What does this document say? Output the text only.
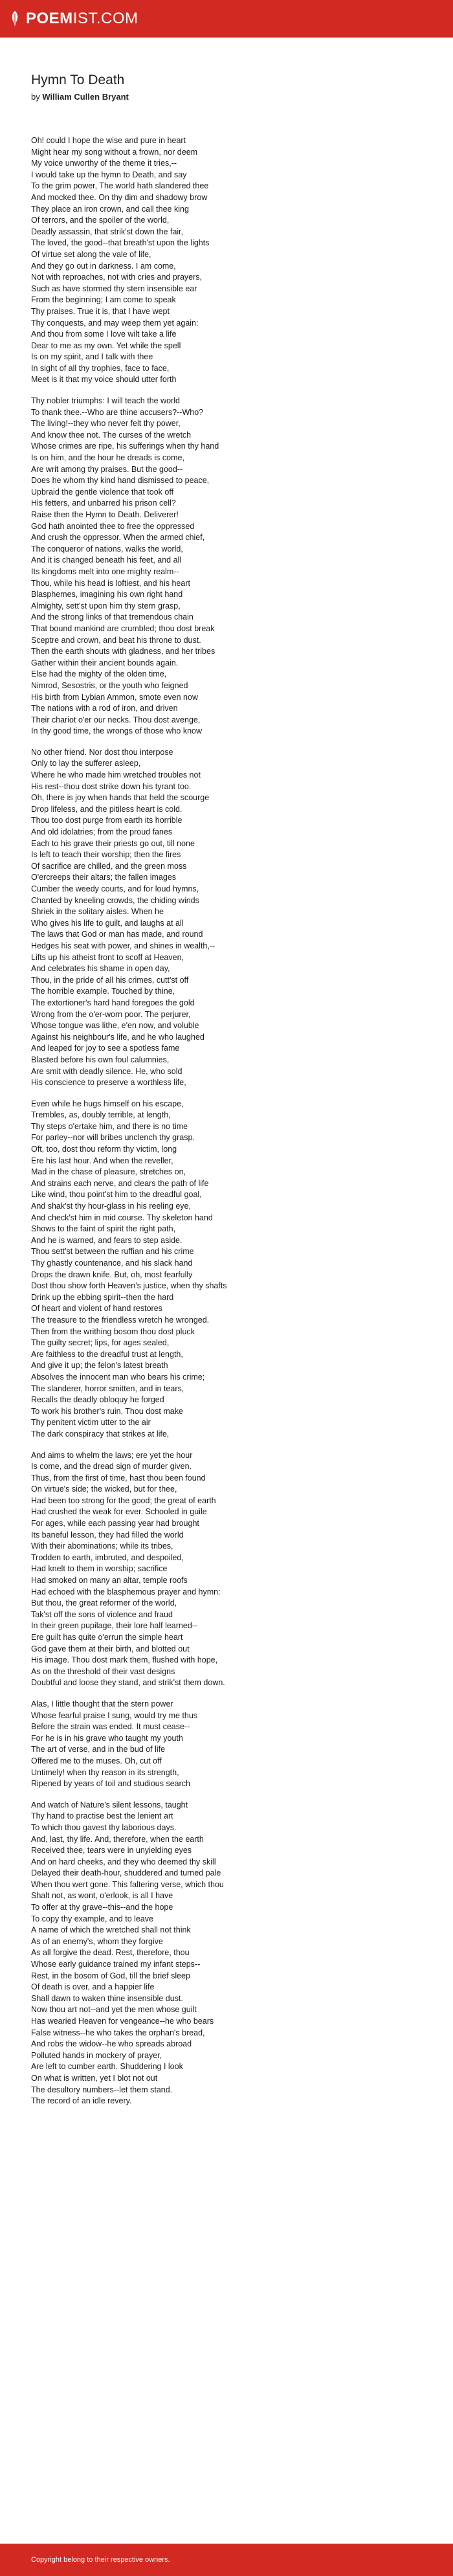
POEMIST.COM
Hymn To Death
by William Cullen Bryant
Oh! could I hope the wise and pure in heart
Might hear my song without a frown, nor deem
My voice unworthy of the theme it tries,--
I would take up the hymn to Death, and say
To the grim power, The world hath slandered thee
And mocked thee. On thy dim and shadowy brow
They place an iron crown, and call thee king
Of terrors, and the spoiler of the world,
Deadly assassin, that strik'st down the fair,
The loved, the good--that breath'st upon the lights
Of virtue set along the vale of life,
And they go out in darkness. I am come,
Not with reproaches, not with cries and prayers,
Such as have stormed thy stern insensible ear
From the beginning; I am come to speak
Thy praises. True it is, that I have wept
Thy conquests, and may weep them yet again:
And thou from some I love wilt take a life
Dear to me as my own. Yet while the spell
Is on my spirit, and I talk with thee
In sight of all thy trophies, face to face,
Meet is it that my voice should utter forth
Thy nobler triumphs: I will teach the world
To thank thee.--Who are thine accusers?--Who?
The living!--they who never felt thy power,
And know thee not. The curses of the wretch
Whose crimes are ripe, his sufferings when thy hand
Is on him, and the hour he dreads is come,
Are writ among thy praises. But the good--
Does he whom thy kind hand dismissed to peace,
Upbraid the gentle violence that took off
His fetters, and unbarred his prison cell?
Raise then the Hymn to Death. Deliverer!
God hath anointed thee to free the oppressed
And crush the oppressor. When the armed chief,
The conqueror of nations, walks the world,
And it is changed beneath his feet, and all
Its kingdoms melt into one mighty realm--
Thou, while his head is loftiest, and his heart
Blasphemes, imagining his own right hand
Almighty, sett'st upon him thy stern grasp,
And the strong links of that tremendous chain
That bound mankind are crumbled; thou dost break
Sceptre and crown, and beat his throne to dust.
Then the earth shouts with gladness, and her tribes
Gather within their ancient bounds again.
Else had the mighty of the olden time,
Nimrod, Sesostris, or the youth who feigned
His birth from Lybian Ammon, smote even now
The nations with a rod of iron, and driven
Their chariot o'er our necks. Thou dost avenge,
In thy good time, the wrongs of those who know
No other friend. Nor dost thou interpose
Only to lay the sufferer asleep,
Where he who made him wretched troubles not
His rest--thou dost strike down his tyrant too.
Oh, there is joy when hands that held the scourge
Drop lifeless, and the pitiless heart is cold.
Thou too dost purge from earth its horrible
And old idolatries; from the proud fanes
Each to his grave their priests go out, till none
Is left to teach their worship; then the fires
Of sacrifice are chilled, and the green moss
O'ercreeps their altars; the fallen images
Cumber the weedy courts, and for loud hymns,
Chanted by kneeling crowds, the chiding winds
Shriek in the solitary aisles. When he
Who gives his life to guilt, and laughs at all
The laws that God or man has made, and round
Hedges his seat with power, and shines in wealth,--
Lifts up his atheist front to scoff at Heaven,
And celebrates his shame in open day,
Thou, in the pride of all his crimes, cutt'st off
The horrible example. Touched by thine,
The extortioner's hard hand foregoes the gold
Wrong from the o'er-worn poor. The perjurer,
Whose tongue was lithe, e'en now, and voluble
Against his neighbour's life, and he who laughed
And leaped for joy to see a spotless fame
Blasted before his own foul calumnies,
Are smit with deadly silence. He, who sold
His conscience to preserve a worthless life,
Even while he hugs himself on his escape,
Trembles, as, doubly terrible, at length,
Thy steps o'ertake him, and there is no time
For parley--nor will bribes unclench thy grasp.
Oft, too, dost thou reform thy victim, long
Ere his last hour. And when the reveller,
Mad in the chase of pleasure, stretches on,
And strains each nerve, and clears the path of life
Like wind, thou point'st him to the dreadful goal,
And shak'st thy hour-glass in his reeling eye,
And check'st him in mid course. Thy skeleton hand
Shows to the faint of spirit the right path,
And he is warned, and fears to step aside.
Thou sett'st between the ruffian and his crime
Thy ghastly countenance, and his slack hand
Drops the drawn knife. But, oh, most fearfully
Dost thou show forth Heaven's justice, when thy shafts
Drink up the ebbing spirit--then the hard
Of heart and violent of hand restores
The treasure to the friendless wretch he wronged.
Then from the writhing bosom thou dost pluck
The guilty secret; lips, for ages sealed,
Are faithless to the dreadful trust at length,
And give it up; the felon's latest breath
Absolves the innocent man who bears his crime;
The slanderer, horror smitten, and in tears,
Recalls the deadly obloquy he forged
To work his brother's ruin. Thou dost make
Thy penitent victim utter to the air
The dark conspiracy that strikes at life,
And aims to whelm the laws; ere yet the hour
Is come, and the dread sign of murder given.
Thus, from the first of time, hast thou been found
On virtue's side; the wicked, but for thee,
Had been too strong for the good; the great of earth
Had crushed the weak for ever. Schooled in guile
For ages, while each passing year had brought
Its baneful lesson, they had filled the world
With their abominations; while its tribes,
Trodden to earth, imbruted, and despoiled,
Had knelt to them in worship; sacrifice
Had smoked on many an altar, temple roofs
Had echoed with the blasphemous prayer and hymn:
But thou, the great reformer of the world,
Tak'st off the sons of violence and fraud
In their green pupilage, their lore half learned--
Ere guilt has quite o'errun the simple heart
God gave them at their birth, and blotted out
His image. Thou dost mark them, flushed with hope,
As on the threshold of their vast designs
Doubtful and loose they stand, and strik'st them down.
Alas, I little thought that the stern power
Whose fearful praise I sung, would try me thus
Before the strain was ended. It must cease--
For he is in his grave who taught my youth
The art of verse, and in the bud of life
Offered me to the muses. Oh, cut off
Untimely! when thy reason in its strength,
Ripened by years of toil and studious search
And watch of Nature's silent lessons, taught
Thy hand to practise best the lenient art
To which thou gavest thy laborious days.
And, last, thy life. And, therefore, when the earth
Received thee, tears were in unyielding eyes
And on hard cheeks, and they who deemed thy skill
Delayed their death-hour, shuddered and turned pale
When thou wert gone. This faltering verse, which thou
Shalt not, as wont, o'erlook, is all I have
To offer at thy grave--this--and the hope
To copy thy example, and to leave
A name of which the wretched shall not think
As of an enemy's, whom they forgive
As all forgive the dead. Rest, therefore, thou
Whose early guidance trained my infant steps--
Rest, in the bosom of God, till the brief sleep
Of death is over, and a happier life
Shall dawn to waken thine insensible dust.
Now thou art not--and yet the men whose guilt
Has wearied Heaven for vengeance--he who bears
False witness--he who takes the orphan's bread,
And robs the widow--he who spreads abroad
Polluted hands in mockery of prayer,
Are left to cumber earth. Shuddering I look
On what is written, yet I blot not out
The desultory numbers--let them stand.
The record of an idle revery.
Copyright belong to their respective owners.
